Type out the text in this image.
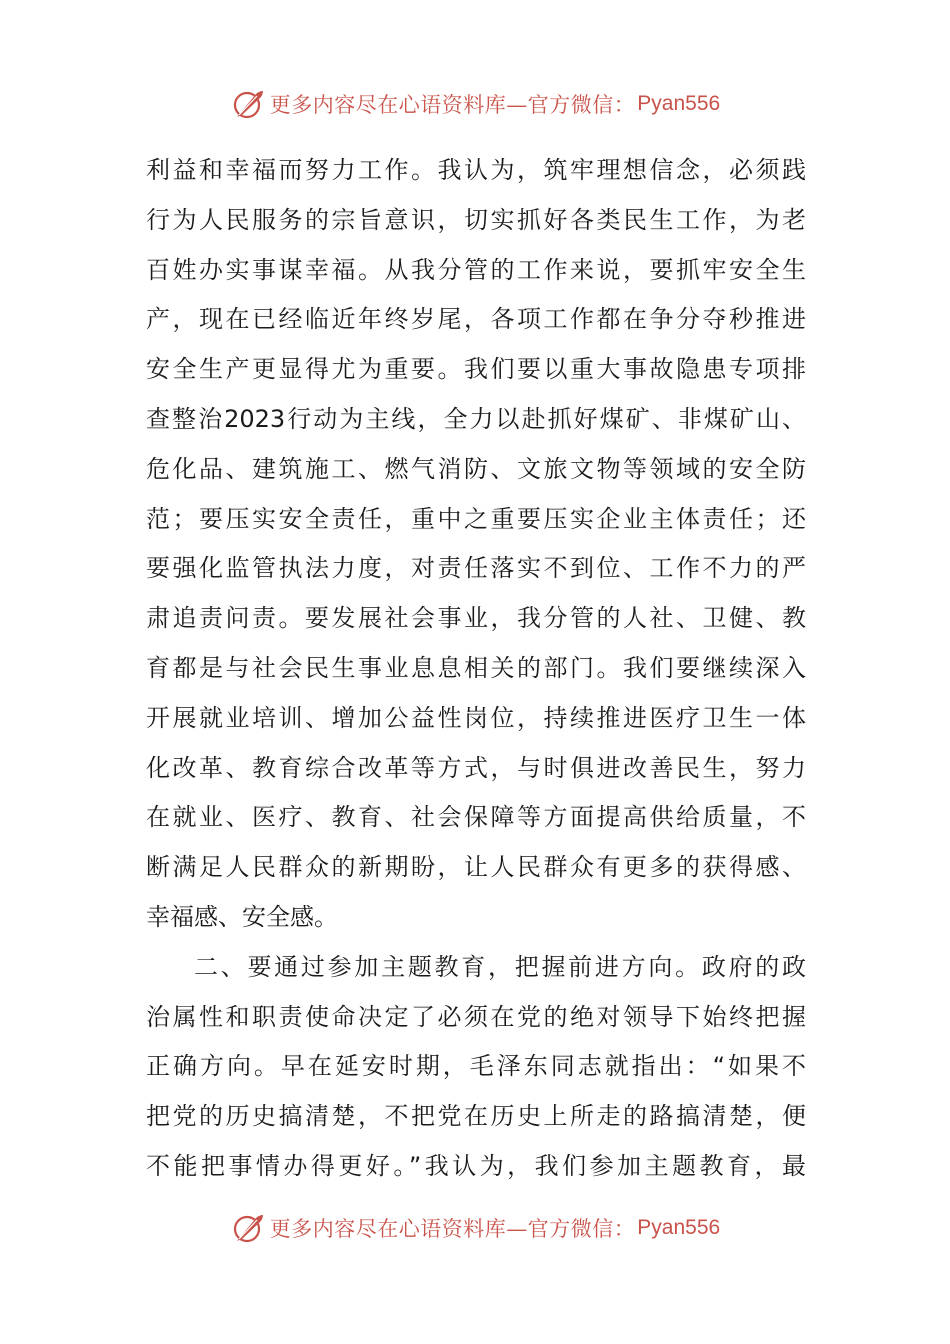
更多内容尽在心语资料库—官方微信： Pyan556
利益和幸福而努力工作。我认为，筑牢理想信念，必须践
行为人民服务的宗旨意识，切实抓好各类民生工作，为老
百姓办实事谋幸福。从我分管的工作来说，要抓牢安全生
产，现在已经临近年终岁尾，各项工作都在争分夺秒推进
安全生产更显得尤为重要。我们要以重大事故隐患专项排
查整治2023行动为主线，全力以赴抓好煤矿、非煤矿山、
危化品、建筑施工、燃气消防、文旅文物等领域的安全防
范；要压实安全责任，重中之重要压实企业主体责任；还
要强化监管执法力度，对责任落实不到位、工作不力的严
肃追责问责。要发展社会事业，我分管的人社、卫健、教
育都是与社会民生事业息息相关的部门。我们要继续深入
开展就业培训、增加公益性岗位，持续推进医疗卫生一体
化改革、教育综合改革等方式，与时俱进改善民生，努力
在就业、医疗、教育、社会保障等方面提高供给质量，不
断满足人民群众的新期盼，让人民群众有更多的获得感、
幸福感、安全感。
二、要通过参加主题教育，把握前进方向。政府的政
治属性和职责使命决定了必须在党的绝对领导下始终把握
正确方向。早在延安时期，毛泽东同志就指出：“如果不
把党的历史搞清楚，不把党在历史上所走的路搞清楚，便
不能把事情办得更好。”我认为，我们参加主题教育，最
更多内容尽在心语资料库—官方微信： Pyan556
